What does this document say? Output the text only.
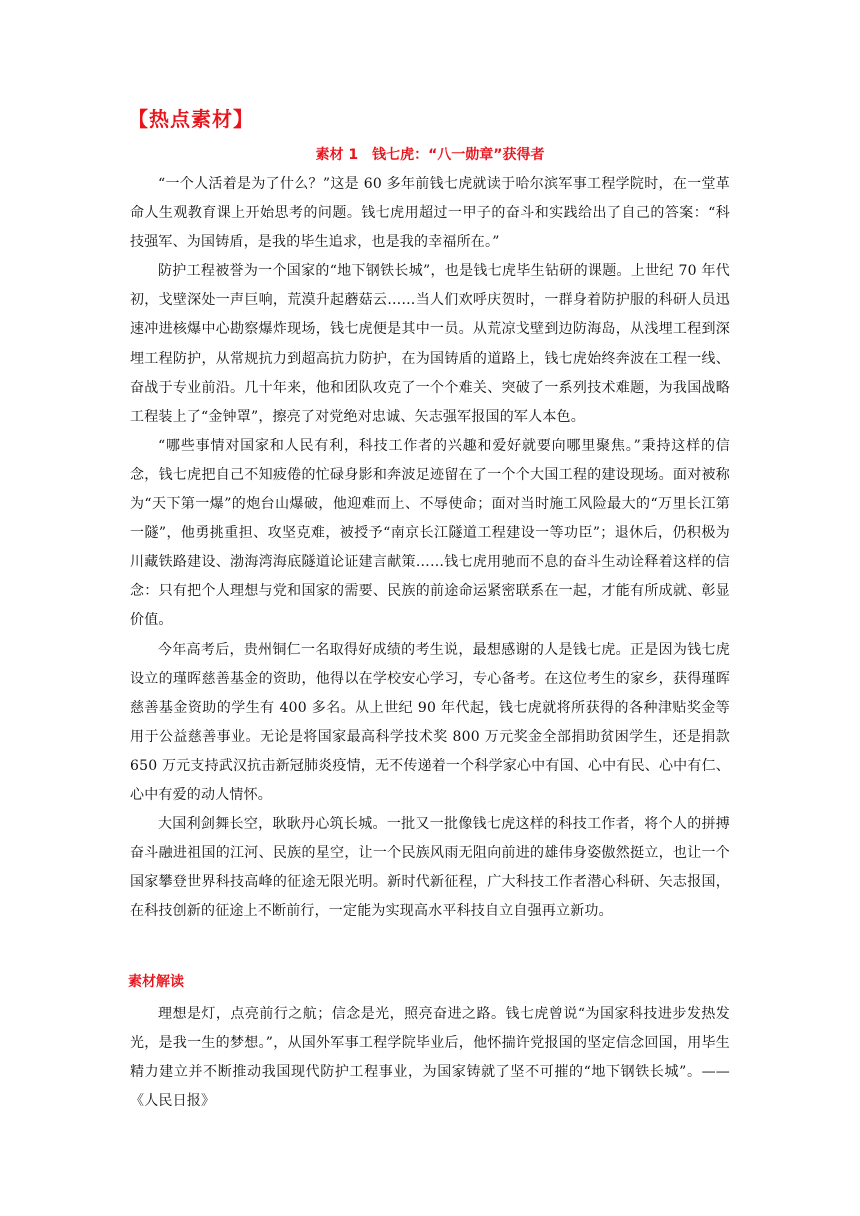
【热点素材】
素材 1　钱七虎：“八一勋章”获得者

“一个人活着是为了什么？”这是 60 多年前钱七虎就读于哈尔滨军事工程学院时，在一堂革命人生观教育课上开始思考的问题。钱七虎用超过一甲子的奋斗和实践给出了自己的答案：“科技强军、为国铸盾，是我的毕生追求，也是我的幸福所在。”

防护工程被誉为一个国家的“地下钢铁长城”，也是钱七虎毕生钻研的课题。上世纪 70 年代初，戈壁深处一声巨响，荒漠升起蘑菇云……当人们欢呼庆贺时，一群身着防护服的科研人员迅速冲进核爆中心勘察爆炸现场，钱七虎便是其中一员。从荒凉戈壁到边防海岛，从浅埋工程到深埋工程防护，从常规抗力到超高抗力防护，在为国铸盾的道路上，钱七虎始终奔波在工程一线、奋战于专业前沿。几十年来，他和团队攻克了一个个难关、突破了一系列技术难题，为我国战略工程装上了“金钟罩”，擦亮了对党绝对忠诚、矢志强军报国的军人本色。

“哪些事情对国家和人民有利，科技工作者的兴趣和爱好就要向哪里聚焦。”秉持这样的信念，钱七虎把自己不知疲倦的忙碌身影和奔波足迹留在了一个个大国工程的建设现场。面对被称为“天下第一爆”的炮台山爆破，他迎难而上、不辱使命；面对当时施工风险最大的“万里长江第一隧”，他勇挑重担、攻坚克难，被授予“南京长江隧道工程建设一等功臣”；退休后，仍积极为川藏铁路建设、渤海湾海底隧道论证建言献策……钱七虎用驰而不息的奋斗生动诠释着这样的信念：只有把个人理想与党和国家的需要、民族的前途命运紧密联系在一起，才能有所成就、彰显价值。

今年高考后，贵州铜仁一名取得好成绩的考生说，最想感谢的人是钱七虎。正是因为钱七虎设立的瑾晖慈善基金的资助，他得以在学校安心学习，专心备考。在这位考生的家乡，获得瑾晖慈善基金资助的学生有 400 多名。从上世纪 90 年代起，钱七虎就将所获得的各种津贴奖金等用于公益慈善事业。无论是将国家最高科学技术奖 800 万元奖金全部捐助贫困学生，还是捐款 650 万元支持武汉抗击新冠肺炎疫情，无不传递着一个科学家心中有国、心中有民、心中有仁、心中有爱的动人情怀。

大国利剑舞长空，耿耿丹心筑长城。一批又一批像钱七虎这样的科技工作者，将个人的拼搏奋斗融进祖国的江河、民族的星空，让一个民族风雨无阻向前进的雄伟身姿傲然挺立，也让一个国家攀登世界科技高峰的征途无限光明。新时代新征程，广大科技工作者潜心科研、矢志报国，在科技创新的征途上不断前行，一定能为实现高水平科技自立自强再立新功。

素材解读

理想是灯，点亮前行之航；信念是光，照亮奋进之路。钱七虎曾说“为国家科技进步发热发光，是我一生的梦想。”，从国外军事工程学院毕业后，他怀揣许党报国的坚定信念回国，用毕生精力建立并不断推动我国现代防护工程事业，为国家铸就了坚不可摧的“地下钢铁长城”。——《人民日报》
